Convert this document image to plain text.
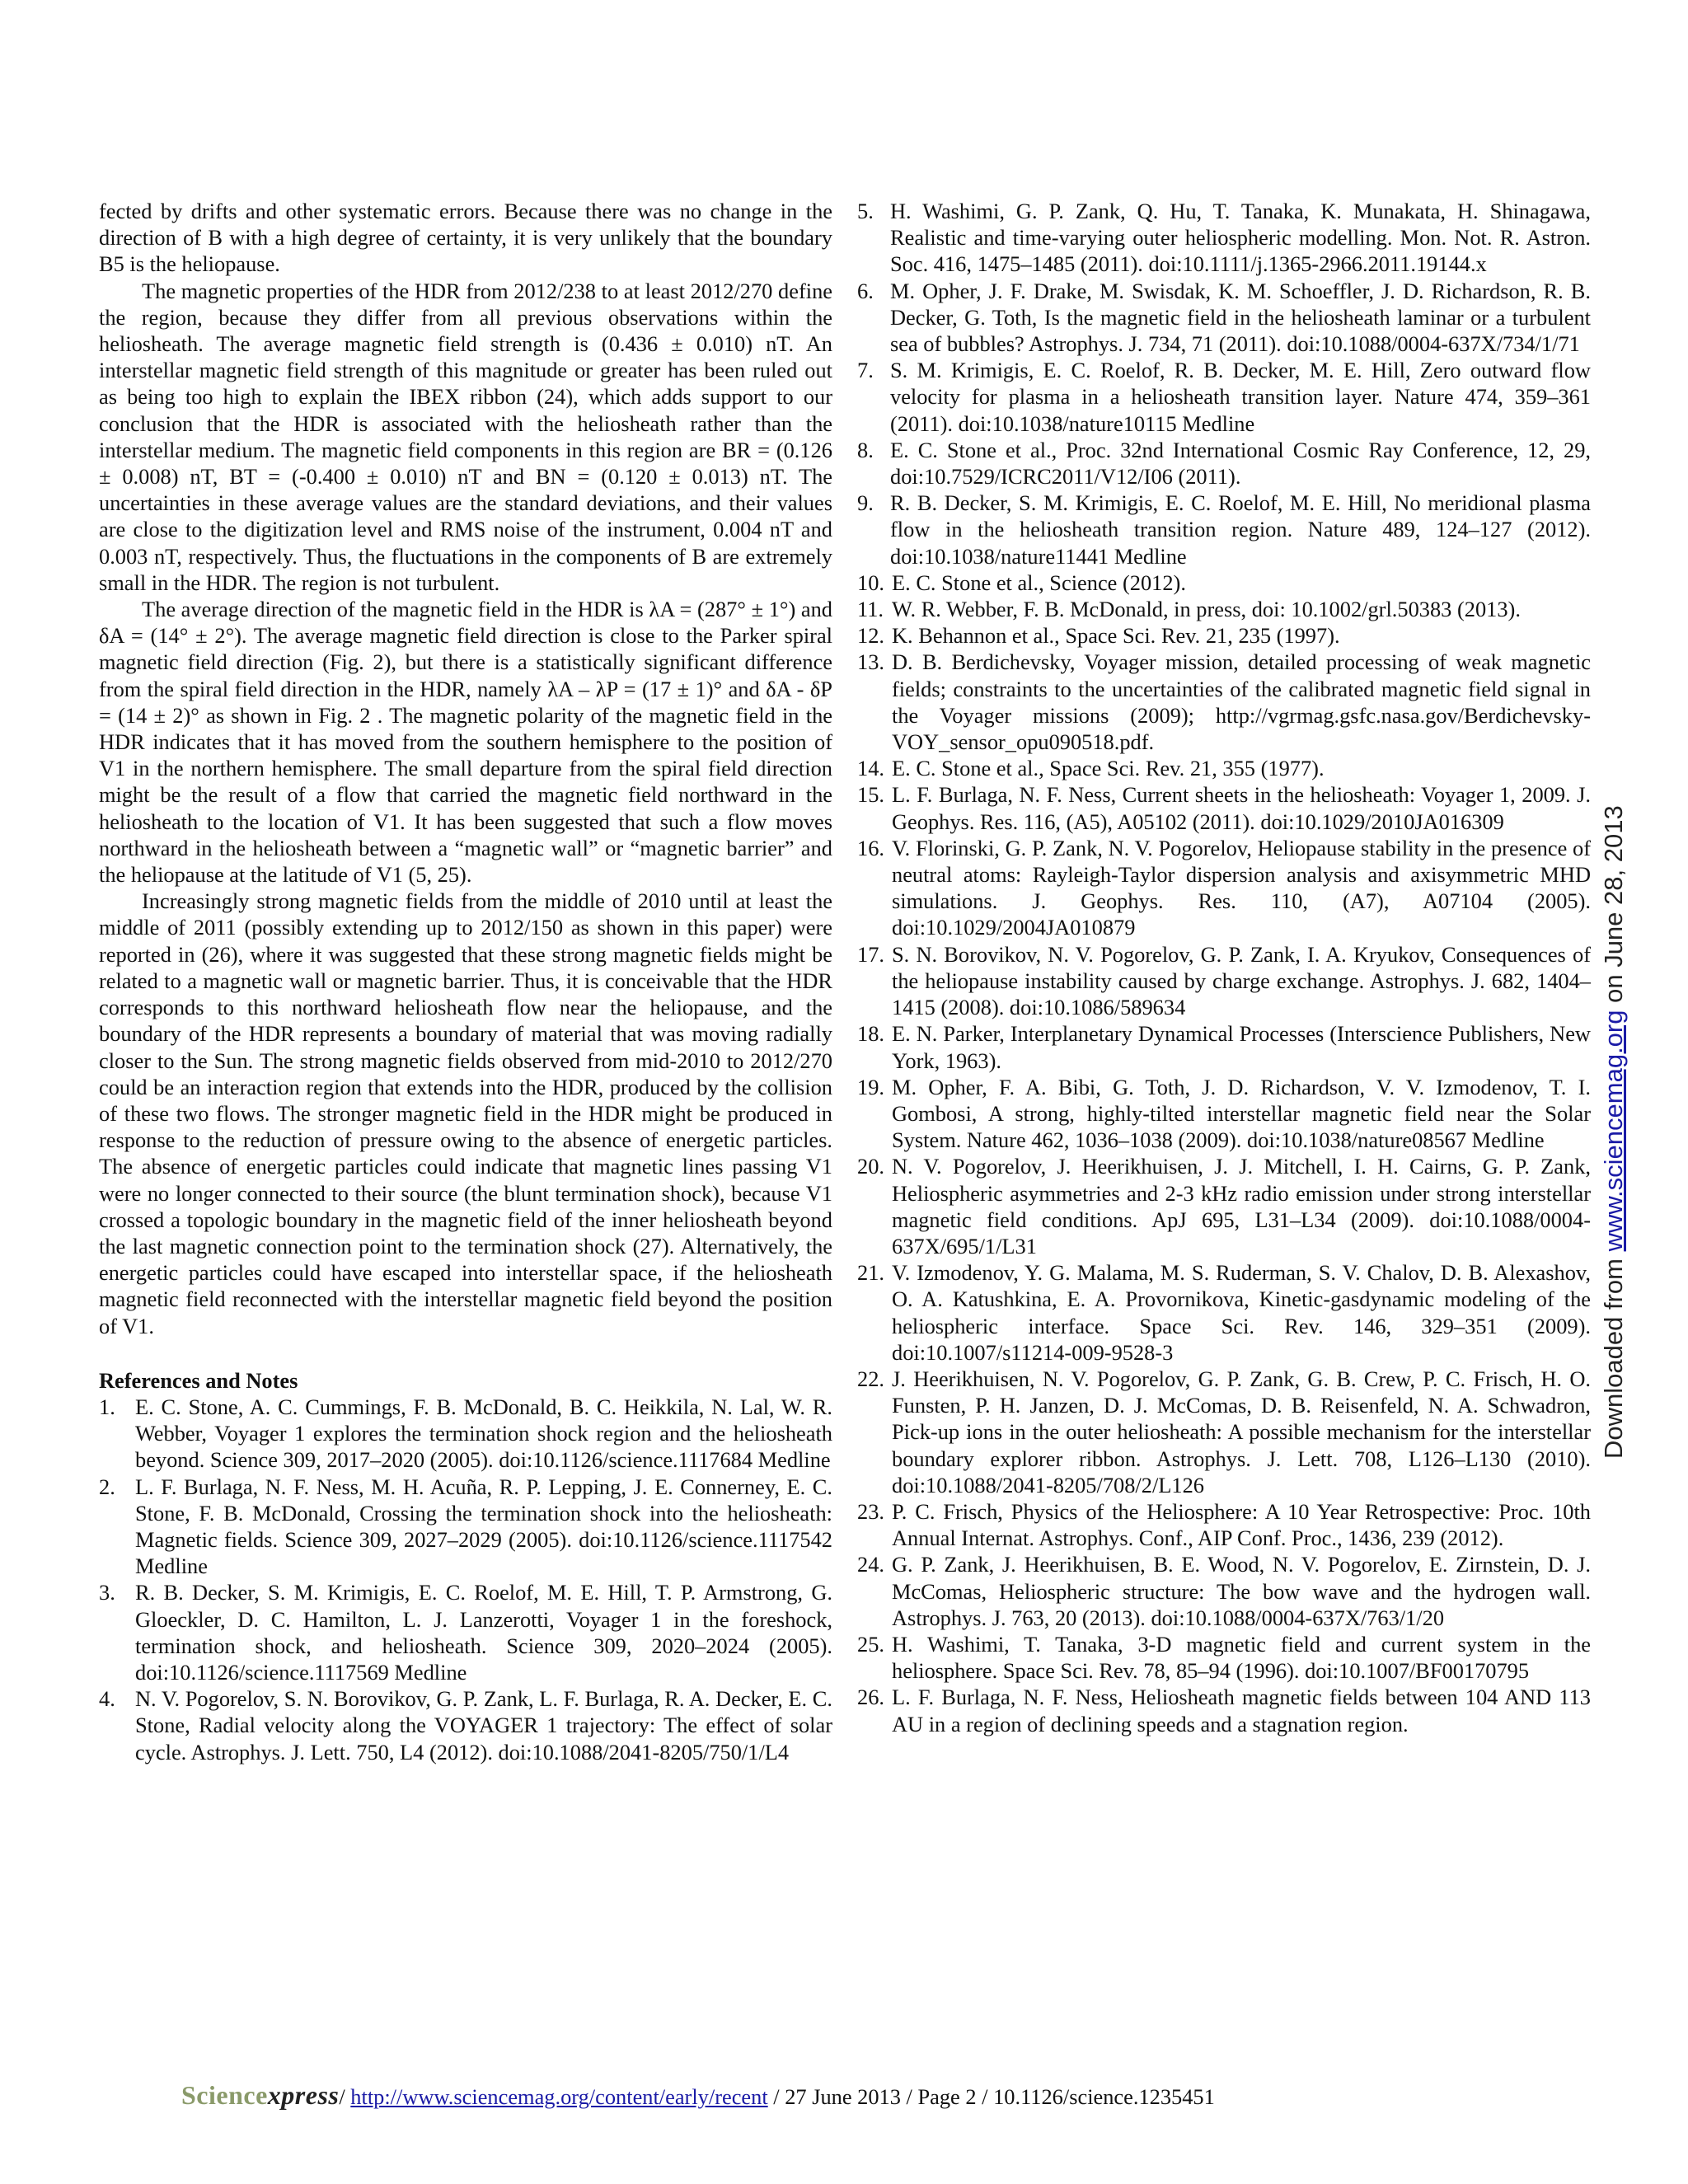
fected by drifts and other systematic errors. Because there was no change in the direction of B with a high degree of certainty, it is very unlikely that the boundary B5 is the heliopause.

The magnetic properties of the HDR from 2012/238 to at least 2012/270 define the region, because they differ from all previous observations within the heliosheath. The average magnetic field strength is (0.436 ± 0.010) nT. An interstellar magnetic field strength of this magnitude or greater has been ruled out as being too high to explain the IBEX ribbon (24), which adds support to our conclusion that the HDR is associated with the heliosheath rather than the interstellar medium. The magnetic field components in this region are BR = (0.126 ± 0.008) nT, BT = (-0.400 ± 0.010) nT and BN = (0.120 ± 0.013) nT. The uncertainties in these average values are the standard deviations, and their values are close to the digitization level and RMS noise of the instrument, 0.004 nT and 0.003 nT, respectively. Thus, the fluctuations in the components of B are extremely small in the HDR. The region is not turbulent.

The average direction of the magnetic field in the HDR is λA = (287° ± 1°) and δA = (14° ± 2°). The average magnetic field direction is close to the Parker spiral magnetic field direction (Fig. 2), but there is a statistically significant difference from the spiral field direction in the HDR, namely λA – λP = (17 ± 1)° and δA - δP = (14 ± 2)° as shown in Fig. 2 . The magnetic polarity of the magnetic field in the HDR indicates that it has moved from the southern hemisphere to the position of V1 in the northern hemisphere. The small departure from the spiral field direction might be the result of a flow that carried the magnetic field northward in the heliosheath to the location of V1. It has been suggested that such a flow moves northward in the heliosheath between a “magnetic wall” or “magnetic barrier” and the heliopause at the latitude of V1 (5, 25).

Increasingly strong magnetic fields from the middle of 2010 until at least the middle of 2011 (possibly extending up to 2012/150 as shown in this paper) were reported in (26), where it was suggested that these strong magnetic fields might be related to a magnetic wall or magnetic barrier. Thus, it is conceivable that the HDR corresponds to this northward heliosheath flow near the heliopause, and the boundary of the HDR represents a boundary of material that was moving radially closer to the Sun. The strong magnetic fields observed from mid-2010 to 2012/270 could be an interaction region that extends into the HDR, produced by the collision of these two flows. The stronger magnetic field in the HDR might be produced in response to the reduction of pressure owing to the absence of energetic particles. The absence of energetic particles could indicate that magnetic lines passing V1 were no longer connected to their source (the blunt termination shock), because V1 crossed a topologic boundary in the magnetic field of the inner heliosheath beyond the last magnetic connection point to the termination shock (27). Alternatively, the energetic particles could have escaped into interstellar space, if the heliosheath magnetic field reconnected with the interstellar magnetic field beyond the position of V1.

References and Notes

1. E. C. Stone, A. C. Cummings, F. B. McDonald, B. C. Heikkila, N. Lal, W. R. Webber, Voyager 1 explores the termination shock region and the heliosheath beyond. Science 309, 2017–2020 (2005). doi:10.1126/science.1117684 Medline
2. L. F. Burlaga, N. F. Ness, M. H. Acuña, R. P. Lepping, J. E. Connerney, E. C. Stone, F. B. McDonald, Crossing the termination shock into the heliosheath: Magnetic fields. Science 309, 2027–2029 (2005). doi:10.1126/science.1117542 Medline
3. R. B. Decker, S. M. Krimigis, E. C. Roelof, M. E. Hill, T. P. Armstrong, G. Gloeckler, D. C. Hamilton, L. J. Lanzerotti, Voyager 1 in the foreshock, termination shock, and heliosheath. Science 309, 2020–2024 (2005). doi:10.1126/science.1117569 Medline
4. N. V. Pogorelov, S. N. Borovikov, G. P. Zank, L. F. Burlaga, R. A. Decker, E. C. Stone, Radial velocity along the VOYAGER 1 trajectory: The effect of solar cycle. Astrophys. J. Lett. 750, L4 (2012). doi:10.1088/2041-8205/750/1/L4
5. H. Washimi, G. P. Zank, Q. Hu, T. Tanaka, K. Munakata, H. Shinagawa, Realistic and time-varying outer heliospheric modelling. Mon. Not. R. Astron. Soc. 416, 1475–1485 (2011). doi:10.1111/j.1365-2966.2011.19144.x
6. M. Opher, J. F. Drake, M. Swisdak, K. M. Schoeffler, J. D. Richardson, R. B. Decker, G. Toth, Is the magnetic field in the heliosheath laminar or a turbulent sea of bubbles? Astrophys. J. 734, 71 (2011). doi:10.1088/0004-637X/734/1/71
7. S. M. Krimigis, E. C. Roelof, R. B. Decker, M. E. Hill, Zero outward flow velocity for plasma in a heliosheath transition layer. Nature 474, 359–361 (2011). doi:10.1038/nature10115 Medline
8. E. C. Stone et al., Proc. 32nd International Cosmic Ray Conference, 12, 29, doi:10.7529/ICRC2011/V12/I06 (2011).
9. R. B. Decker, S. M. Krimigis, E. C. Roelof, M. E. Hill, No meridional plasma flow in the heliosheath transition region. Nature 489, 124–127 (2012). doi:10.1038/nature11441 Medline
10. E. C. Stone et al., Science (2012).
11. W. R. Webber, F. B. McDonald, in press, doi: 10.1002/grl.50383 (2013).
12. K. Behannon et al., Space Sci. Rev. 21, 235 (1997).
13. D. B. Berdichevsky, Voyager mission, detailed processing of weak magnetic fields; constraints to the uncertainties of the calibrated magnetic field signal in the Voyager missions (2009); http://vgrmag.gsfc.nasa.gov/Berdichevsky-VOY_sensor_opu090518.pdf.
14. E. C. Stone et al., Space Sci. Rev. 21, 355 (1977).
15. L. F. Burlaga, N. F. Ness, Current sheets in the heliosheath: Voyager 1, 2009. J. Geophys. Res. 116, (A5), A05102 (2011). doi:10.1029/2010JA016309
16. V. Florinski, G. P. Zank, N. V. Pogorelov, Heliopause stability in the presence of neutral atoms: Rayleigh-Taylor dispersion analysis and axisymmetric MHD simulations. J. Geophys. Res. 110, (A7), A07104 (2005). doi:10.1029/2004JA010879
17. S. N. Borovikov, N. V. Pogorelov, G. P. Zank, I. A. Kryukov, Consequences of the heliopause instability caused by charge exchange. Astrophys. J. 682, 1404–1415 (2008). doi:10.1086/589634
18. E. N. Parker, Interplanetary Dynamical Processes (Interscience Publishers, New York, 1963).
19. M. Opher, F. A. Bibi, G. Toth, J. D. Richardson, V. V. Izmodenov, T. I. Gombosi, A strong, highly-tilted interstellar magnetic field near the Solar System. Nature 462, 1036–1038 (2009). doi:10.1038/nature08567 Medline
20. N. V. Pogorelov, J. Heerikhuisen, J. J. Mitchell, I. H. Cairns, G. P. Zank, Heliospheric asymmetries and 2-3 kHz radio emission under strong interstellar magnetic field conditions. ApJ 695, L31–L34 (2009). doi:10.1088/0004-637X/695/1/L31
21. V. Izmodenov, Y. G. Malama, M. S. Ruderman, S. V. Chalov, D. B. Alexashov, O. A. Katushkina, E. A. Provornikova, Kinetic-gasdynamic modeling of the heliospheric interface. Space Sci. Rev. 146, 329–351 (2009). doi:10.1007/s11214-009-9528-3
22. J. Heerikhuisen, N. V. Pogorelov, G. P. Zank, G. B. Crew, P. C. Frisch, H. O. Funsten, P. H. Janzen, D. J. McComas, D. B. Reisenfeld, N. A. Schwadron, Pick-up ions in the outer heliosheath: A possible mechanism for the interstellar boundary explorer ribbon. Astrophys. J. Lett. 708, L126–L130 (2010). doi:10.1088/2041-8205/708/2/L126
23. P. C. Frisch, Physics of the Heliosphere: A 10 Year Retrospective: Proc. 10th Annual Internat. Astrophys. Conf., AIP Conf. Proc., 1436, 239 (2012).
24. G. P. Zank, J. Heerikhuisen, B. E. Wood, N. V. Pogorelov, E. Zirnstein, D. J. McComas, Heliospheric structure: The bow wave and the hydrogen wall. Astrophys. J. 763, 20 (2013). doi:10.1088/0004-637X/763/1/20
25. H. Washimi, T. Tanaka, 3-D magnetic field and current system in the heliosphere. Space Sci. Rev. 78, 85–94 (1996). doi:10.1007/BF00170795
26. L. F. Burlaga, N. F. Ness, Heliosheath magnetic fields between 104 AND 113 AU in a region of declining speeds and a stagnation region.
Downloaded from www.sciencemag.org on June 28, 2013
Sciencexpress/ http://www.sciencemag.org/content/early/recent / 27 June 2013 / Page 2 / 10.1126/science.1235451
